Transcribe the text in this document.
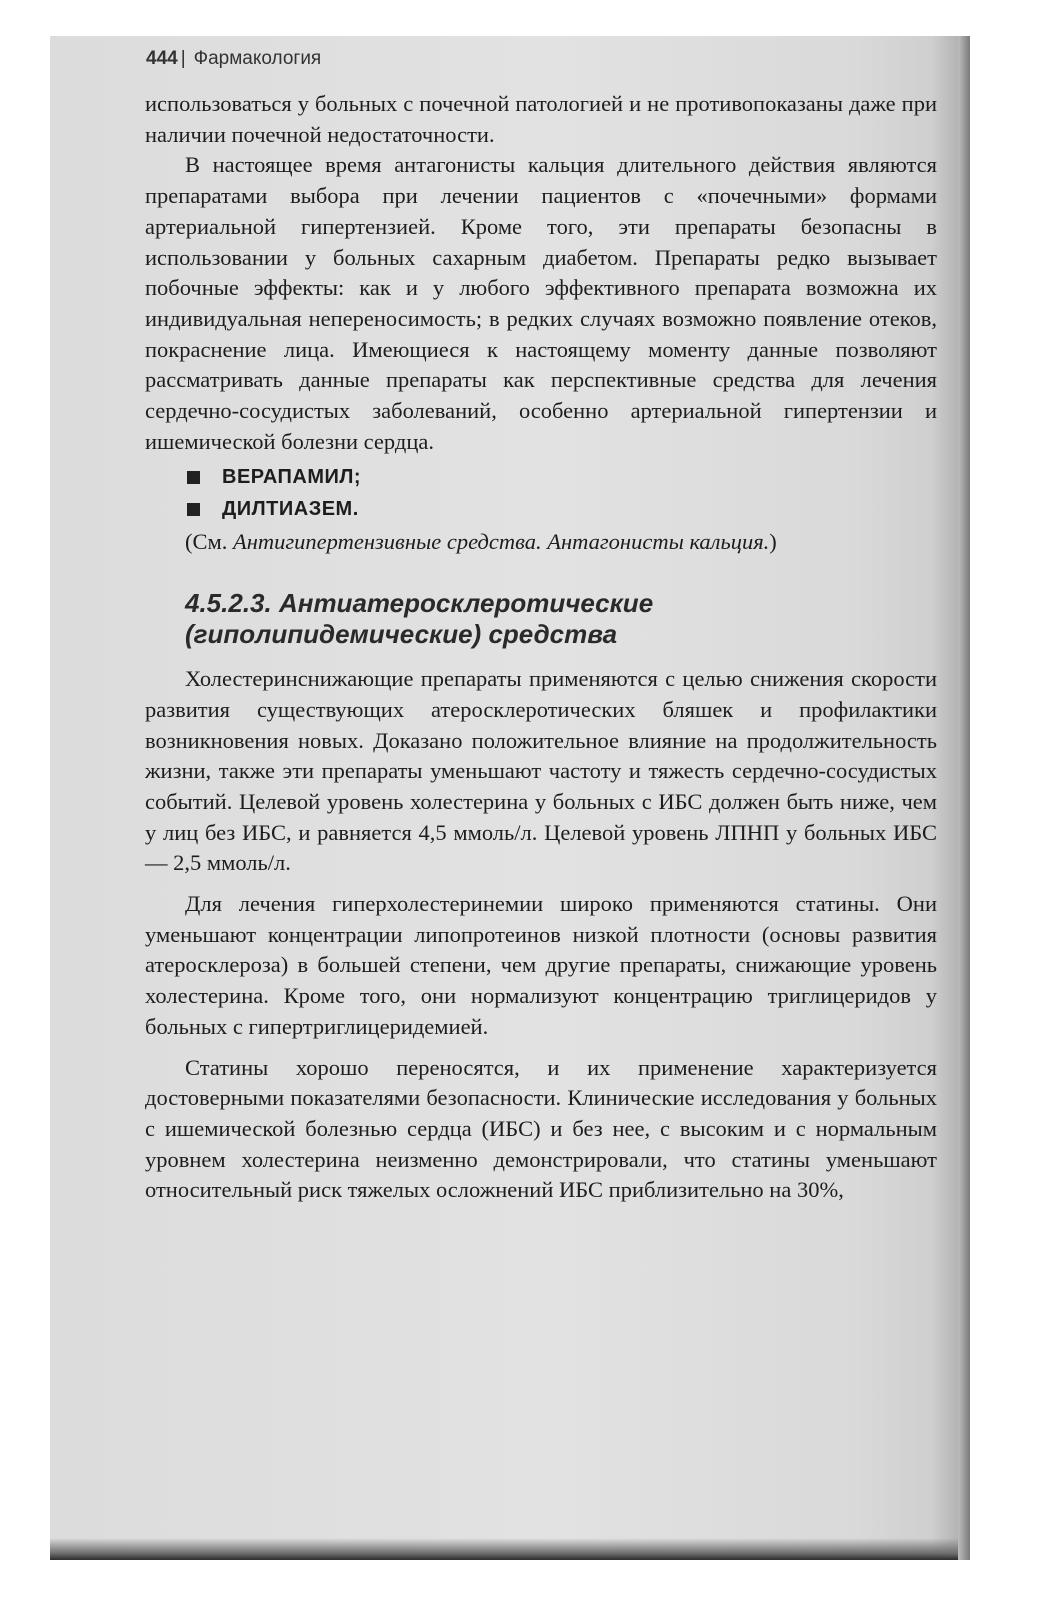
444 | Фармакология

использоваться у больных с почечной патологией и не противопоказаны даже при наличии почечной недостаточности.

В настоящее время антагонисты кальция длительного действия являются препаратами выбора при лечении пациентов с «почечными» формами артериальной гипертензией. Кроме того, эти препараты безопасны в использовании у больных сахарным диабетом. Препараты редко вызывает побочные эффекты: как и у любого эффективного препарата возможна их индивидуальная непереносимость; в редких случаях возможно появление отеков, покраснение лица. Имеющиеся к настоящему моменту данные позволяют рассматривать данные препараты как перспективные средства для лечения сердечно-сосудистых заболеваний, особенно артериальной гипертензии и ишемической болезни сердца.

ВЕРАПАМИЛ;
ДИЛТИАЗЕМ.

(См. Антигипертензивные средства. Антагонисты кальция.)

4.5.2.3. Антиатеросклеротические
(гиполипидемические) средства

Холестеринснижающие препараты применяются с целью снижения скорости развития существующих атеросклеротических бляшек и профилактики возникновения новых. Доказано положительное влияние на продолжительность жизни, также эти препараты уменьшают частоту и тяжесть сердечно-сосудистых событий. Целевой уровень холестерина у больных с ИБС должен быть ниже, чем у лиц без ИБС, и равняется 4,5 ммоль/л. Целевой уровень ЛПНП у больных ИБС — 2,5 ммоль/л.

Для лечения гиперхолестеринемии широко применяются статины. Они уменьшают концентрации липопротеинов низкой плотности (основы развития атеросклероза) в большей степени, чем другие препараты, снижающие уровень холестерина. Кроме того, они нормализуют концентрацию триглицеридов у больных с гипертриглицеридемией.

Статины хорошо переносятся, и их применение характеризуется достоверными показателями безопасности. Клинические исследования у больных с ишемической болезнью сердца (ИБС) и без нее, с высоким и с нормальным уровнем холестерина неизменно демонстрировали, что статины уменьшают относительный риск тяжелых осложнений ИБС приблизительно на 30%,
